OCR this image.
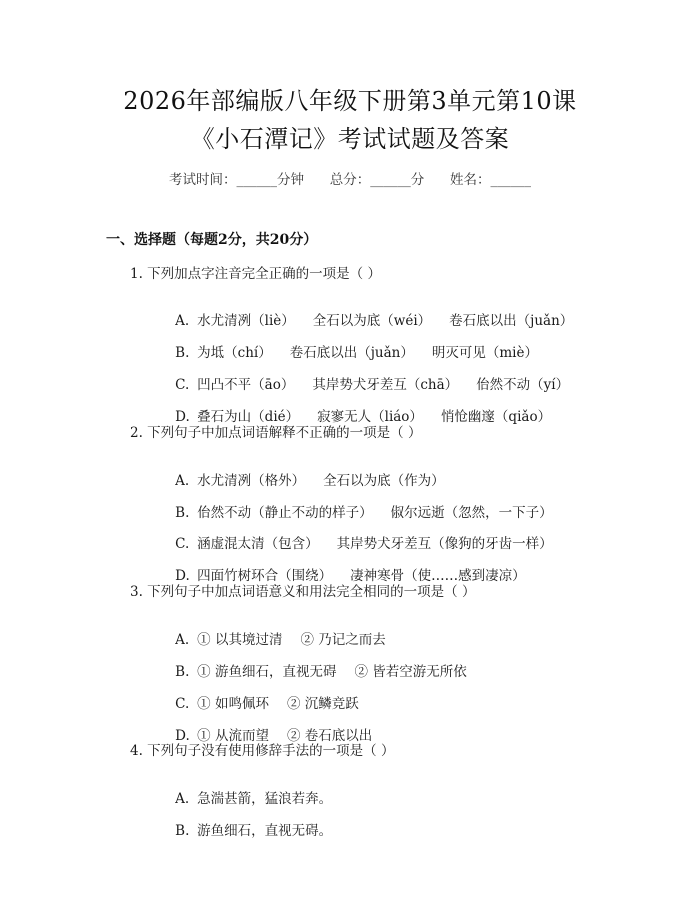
2026年部编版八年级下册第3单元第10课
《小石潭记》考试试题及答案
考试时间：______分钟      总分：______分      姓名：______
一、选择题（每题2分，共20分）
1. 下列加点字注音完全正确的一项是（ ）

A. 水尤清冽（liè） 全石以为底（wéi） 卷石底以出（juǎn）

B. 为坻（chí） 卷石底以出（juǎn） 明灭可见（miè）

C. 凹凸不平（āo） 其岸势犬牙差互（chā） 佁然不动（yí）

D. 叠石为山（dié） 寂寥无人（liáo） 悄怆幽邃（qiǎo）

2. 下列句子中加点词语解释不正确的一项是（ ）

A. 水尤清冽（格外） 全石以为底（作为）

B. 佁然不动（静止不动的样子） 俶尔远逝（忽然，一下子）

C. 涵虚混太清（包含） 其岸势犬牙差互（像狗的牙齿一样）

D. 四面竹树环合（围绕） 凄神寒骨（使……感到凄凉）

3. 下列句子中加点词语意义和用法完全相同的一项是（ ）

A. ① 以其境过清 ② 乃记之而去

B. ① 游鱼细石，直视无碍 ② 皆若空游无所依

C. ① 如鸣佩环 ② 沉鳞竞跃

D. ① 从流而望 ② 卷石底以出

4. 下列句子没有使用修辞手法的一项是（ ）

A. 急湍甚箭，猛浪若奔。

B. 游鱼细石，直视无碍。
